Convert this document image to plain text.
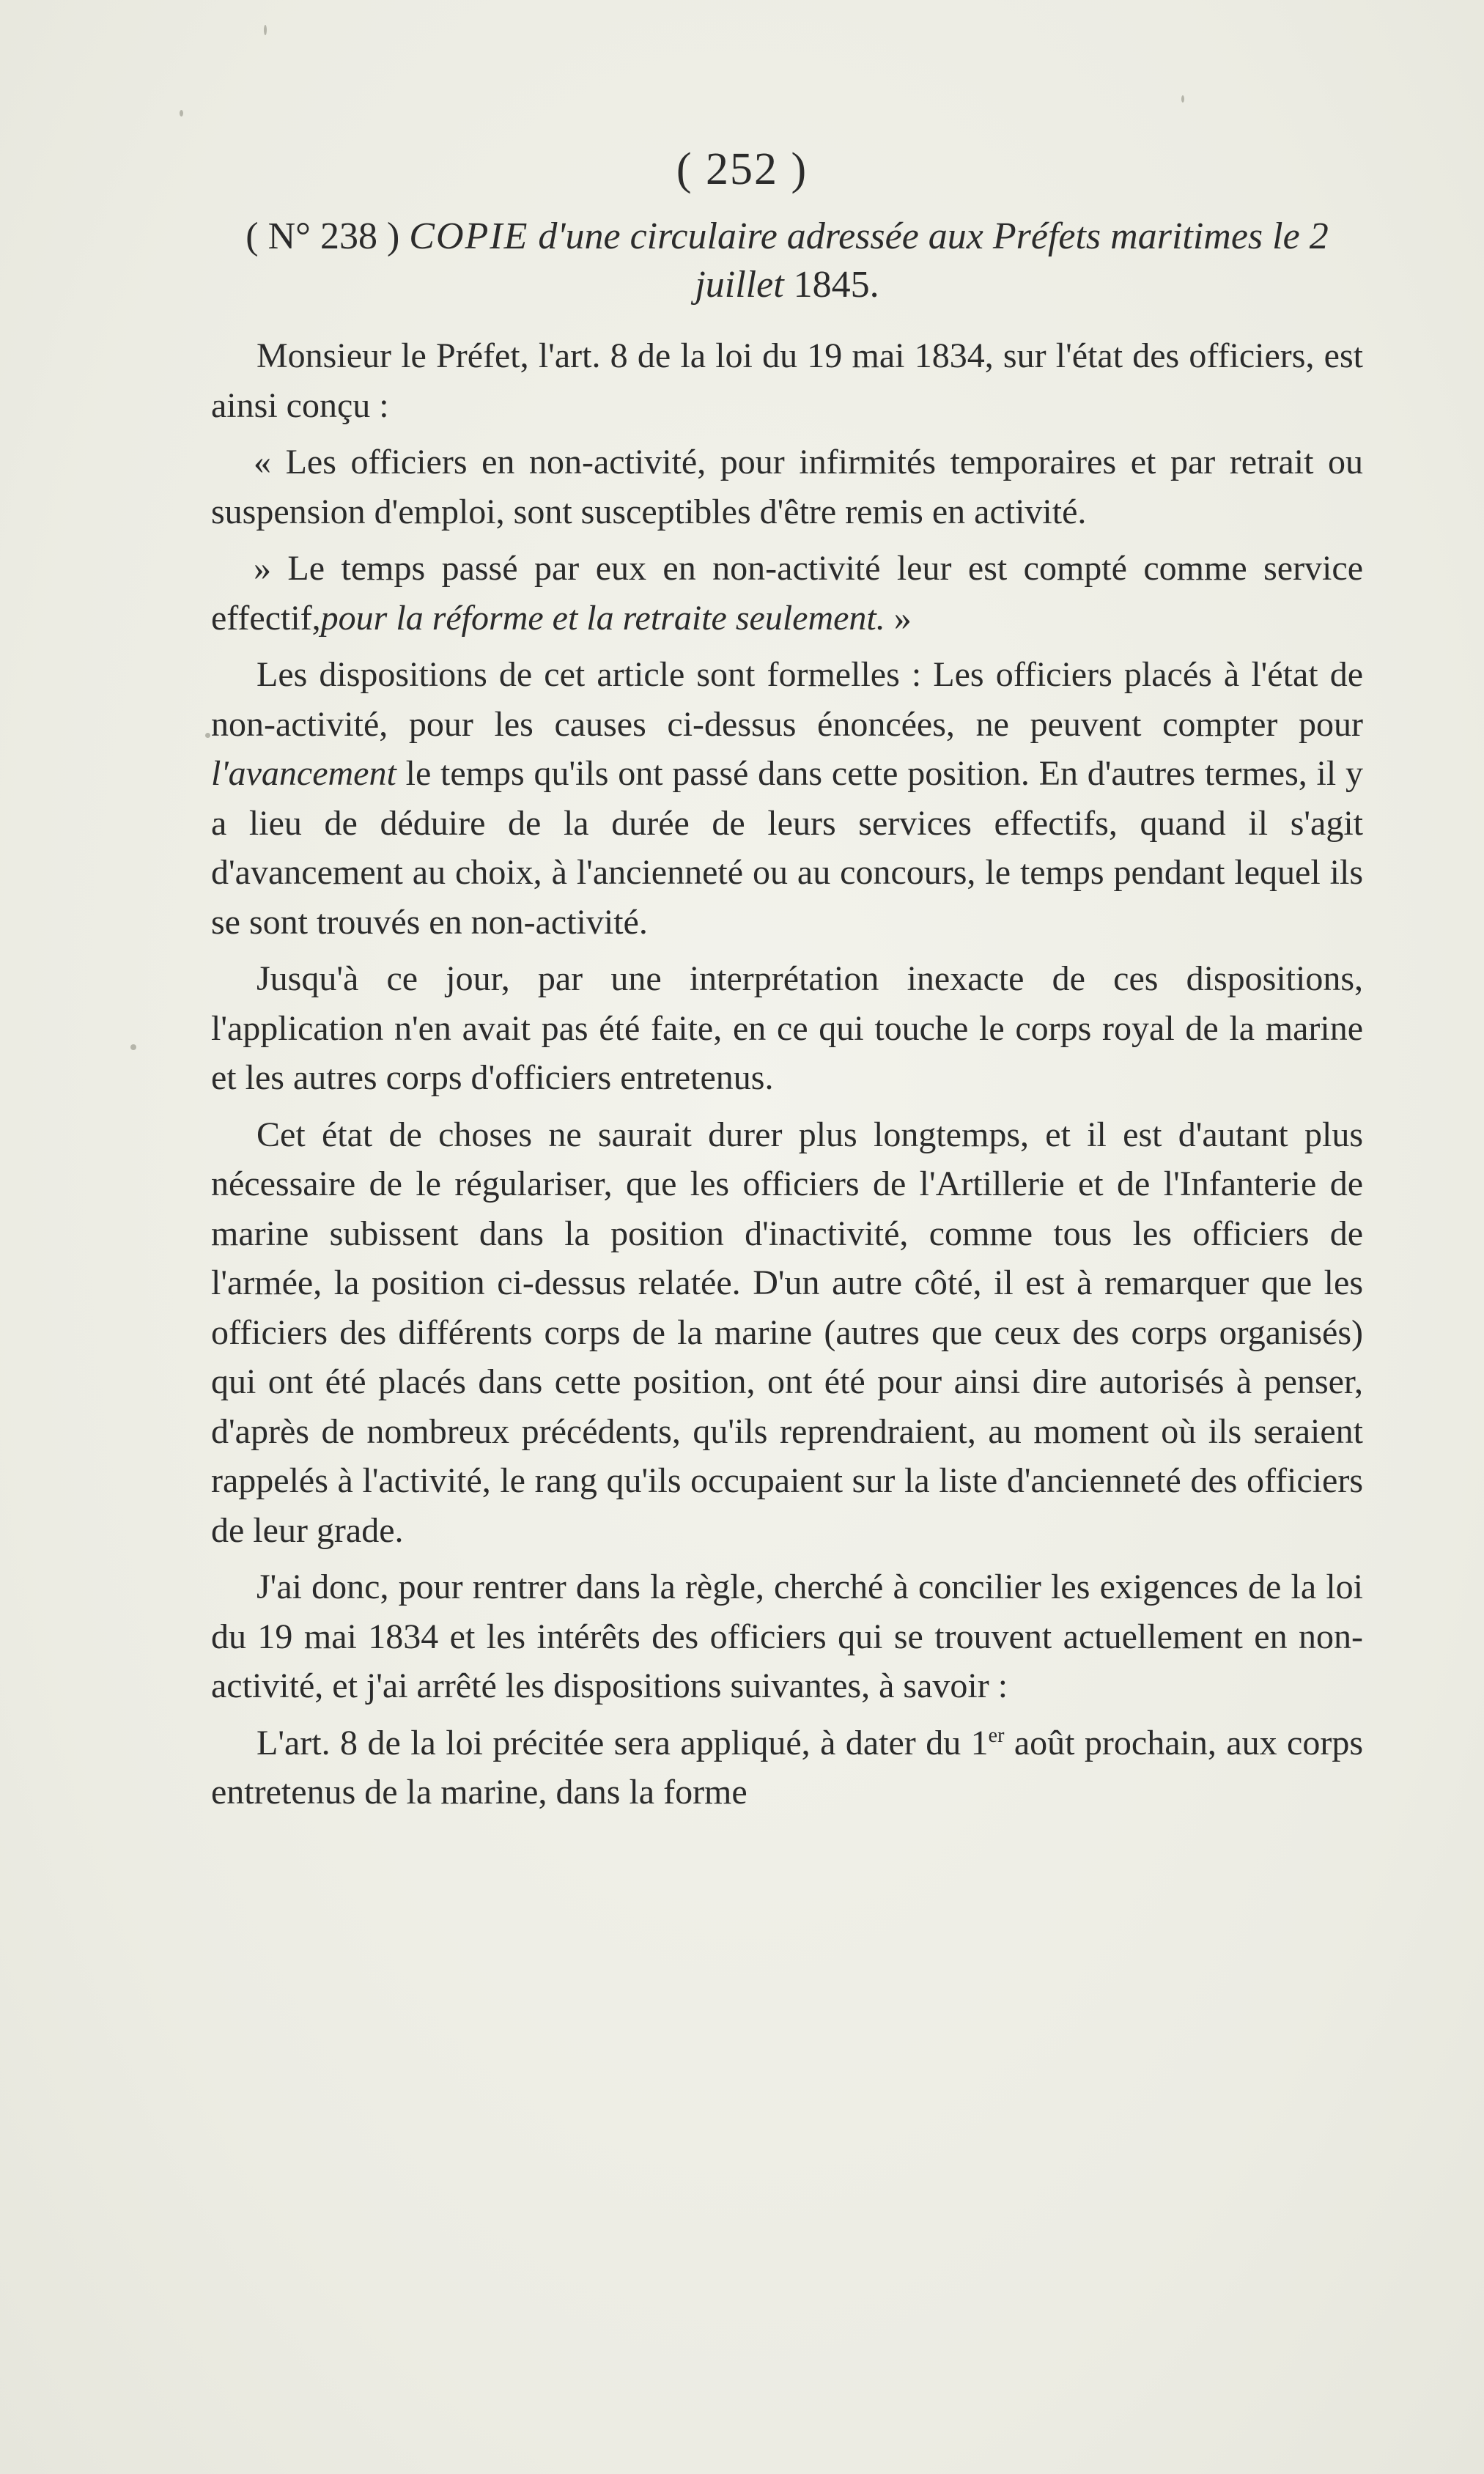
( 252 )
( N° 238 ) COPIE d'une circulaire adressée aux Préfets maritimes le 2 juillet 1845.

Monsieur le Préfet, l'art. 8 de la loi du 19 mai 1834, sur l'état des officiers, est ainsi conçu :

« Les officiers en non-activité, pour infirmités temporaires et par retrait ou suspension d'emploi, sont susceptibles d'être remis en activité.

» Le temps passé par eux en non-activité leur est compté comme service effectif,pour la réforme et la retraite seulement. »

Les dispositions de cet article sont formelles : Les officiers placés à l'état de non-activité, pour les causes ci-dessus énoncées, ne peuvent compter pour l'avancement le temps qu'ils ont passé dans cette position. En d'autres termes, il y a lieu de déduire de la durée de leurs services effectifs, quand il s'agit d'avancement au choix, à l'ancienneté ou au concours, le temps pendant lequel ils se sont trouvés en non-activité.

Jusqu'à ce jour, par une interprétation inexacte de ces dispositions, l'application n'en avait pas été faite, en ce qui touche le corps royal de la marine et les autres corps d'officiers entretenus.

Cet état de choses ne saurait durer plus longtemps, et il est d'autant plus nécessaire de le régulariser, que les officiers de l'Artillerie et de l'Infanterie de marine subissent dans la position d'inactivité, comme tous les officiers de l'armée, la position ci-dessus relatée. D'un autre côté, il est à remarquer que les officiers des différents corps de la marine (autres que ceux des corps organisés) qui ont été placés dans cette position, ont été pour ainsi dire autorisés à penser, d'après de nombreux précédents, qu'ils reprendraient, au moment où ils seraient rappelés à l'activité, le rang qu'ils occupaient sur la liste d'ancienneté des officiers de leur grade.

J'ai donc, pour rentrer dans la règle, cherché à concilier les exigences de la loi du 19 mai 1834 et les intérêts des officiers qui se trouvent actuellement en non-activité, et j'ai arrêté les dispositions suivantes, à savoir :

L'art. 8 de la loi précitée sera appliqué, à dater du 1er août prochain, aux corps entretenus de la marine, dans la forme
